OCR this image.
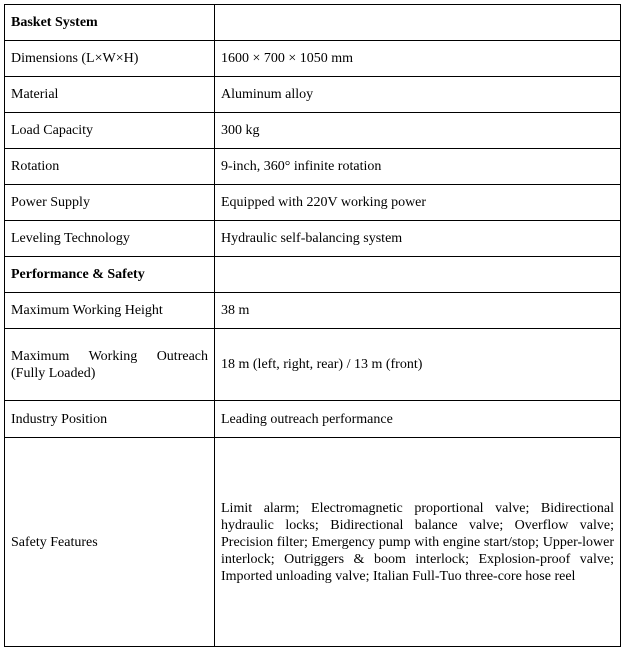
Basket System	
Dimensions (L×W×H)	1600 × 700 × 1050 mm
Material	Aluminum alloy
Load Capacity	300 kg
Rotation	9-inch, 360° infinite rotation
Power Supply	Equipped with 220V working power
Leveling Technology	Hydraulic self-balancing system
Performance & Safety	
Maximum Working Height	38 m
Maximum Working Outreach (Fully Loaded)	18 m (left, right, rear) / 13 m (front)
Industry Position	Leading outreach performance
Safety Features	Limit alarm; Electromagnetic proportional valve; Bidirectional hydraulic locks; Bidirectional balance valve; Overflow valve; Precision filter; Emergency pump with engine start/stop; Upper-lower interlock; Outriggers & boom interlock; Explosion-proof valve; Imported unloading valve; Italian Full-Tuo three-core hose reel
